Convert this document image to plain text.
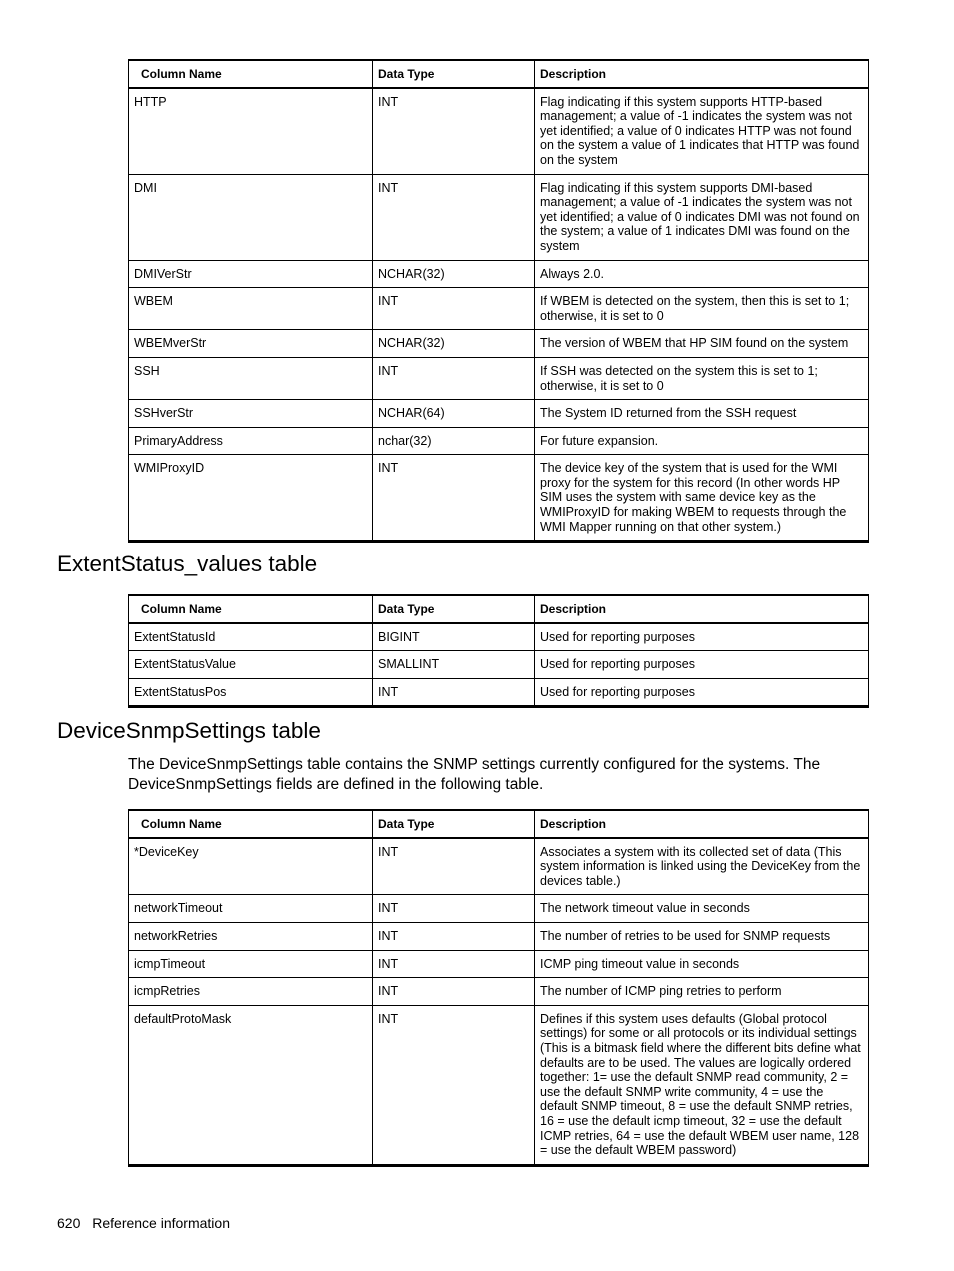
Column Name	Data Type	Description
HTTP	INT	Flag indicating if this system supports HTTP-based management; a value of -1 indicates the system was not yet identified; a value of 0 indicates HTTP was not found on the system a value of 1 indicates that HTTP was found on the system
DMI	INT	Flag indicating if this system supports DMI-based management; a value of -1 indicates the system was not yet identified; a value of 0 indicates DMI was not found on the system; a value of 1 indicates DMI was found on the system
DMIVerStr	NCHAR(32)	Always 2.0.
WBEM	INT	If WBEM is detected on the system, then this is set to 1; otherwise, it is set to 0
WBEMverStr	NCHAR(32)	The version of WBEM that HP SIM found on the system
SSH	INT	If SSH was detected on the system this is set to 1; otherwise, it is set to 0
SSHverStr	NCHAR(64)	The System ID returned from the SSH request
PrimaryAddress	nchar(32)	For future expansion.
WMIProxyID	INT	The device key of the system that is used for the WMI proxy for the system for this record (In other words HP SIM uses the system with same device key as the WMIProxyID for making WBEM to requests through the WMI Mapper running on that other system.)
ExtentStatus_values table
Column Name	Data Type	Description
ExtentStatusId	BIGINT	Used for reporting purposes
ExtentStatusValue	SMALLINT	Used for reporting purposes
ExtentStatusPos	INT	Used for reporting purposes
DeviceSnmpSettings table

The DeviceSnmpSettings table contains the SNMP settings currently configured for the systems. The DeviceSnmpSettings fields are defined in the following table.

Column Name	Data Type	Description
*DeviceKey	INT	Associates a system with its collected set of data (This system information is linked using the DeviceKey from the devices table.)
networkTimeout	INT	The network timeout value in seconds
networkRetries	INT	The number of retries to be used for SNMP requests
icmpTimeout	INT	ICMP ping timeout value in seconds
icmpRetries	INT	The number of ICMP ping retries to perform
defaultProtoMask	INT	Defines if this system uses defaults (Global protocol settings) for some or all protocols or its individual settings (This is a bitmask field where the different bits define what defaults are to be used. The values are logically ordered together: 1= use the default SNMP read community, 2 = use the default SNMP write community, 4 = use the default SNMP timeout, 8 = use the default SNMP retries, 16 = use the default icmp timeout, 32 = use the default ICMP retries, 64 = use the default WBEM user name, 128 = use the default WBEM password)
620 Reference information
